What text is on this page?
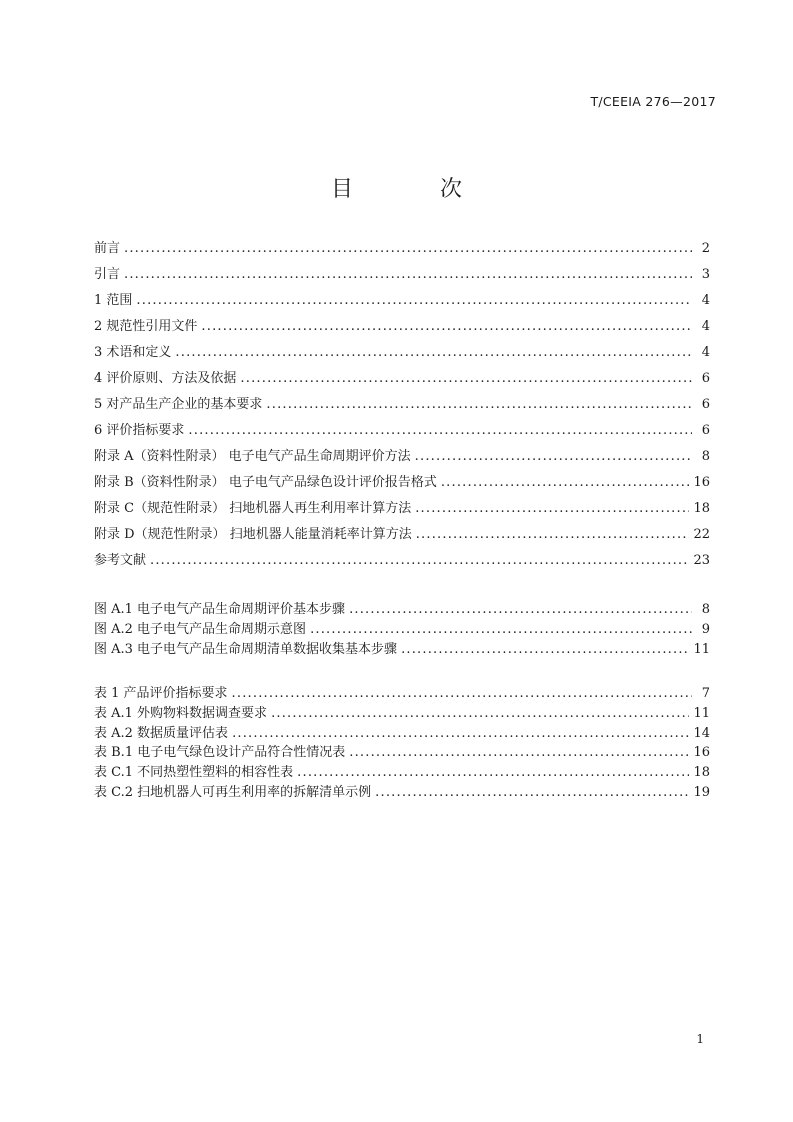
T/CEEIA 276—2017
目 次
前言 .....	2
引言 .....	3
1 范围 .....	4
2 规范性引用文件 .....	4
3 术语和定义 .....	4
4 评价原则、方法及依据 .....	6
5 对产品生产企业的基本要求 .....	6
6 评价指标要求 .....	6
附录 A（资料性附录） 电子电气产品生命周期评价方法 .....	8
附录 B（资料性附录） 电子电气产品绿色设计评价报告格式 .....	16
附录 C（规范性附录） 扫地机器人再生利用率计算方法 .....	18
附录 D（规范性附录） 扫地机器人能量消耗率计算方法 .....	22
参考文献 .....	23
图 A.1 电子电气产品生命周期评价基本步骤 .....	8
图 A.2 电子电气产品生命周期示意图 .....	9
图 A.3 电子电气产品生命周期清单数据收集基本步骤 .....	11
表 1 产品评价指标要求 .....	7
表 A.1 外购物料数据调查要求 .....	11
表 A.2 数据质量评估表 .....	14
表 B.1 电子电气绿色设计产品符合性情况表 .....	16
表 C.1 不同热塑性塑料的相容性表 .....	18
表 C.2 扫地机器人可再生利用率的拆解清单示例 .....	19
1
